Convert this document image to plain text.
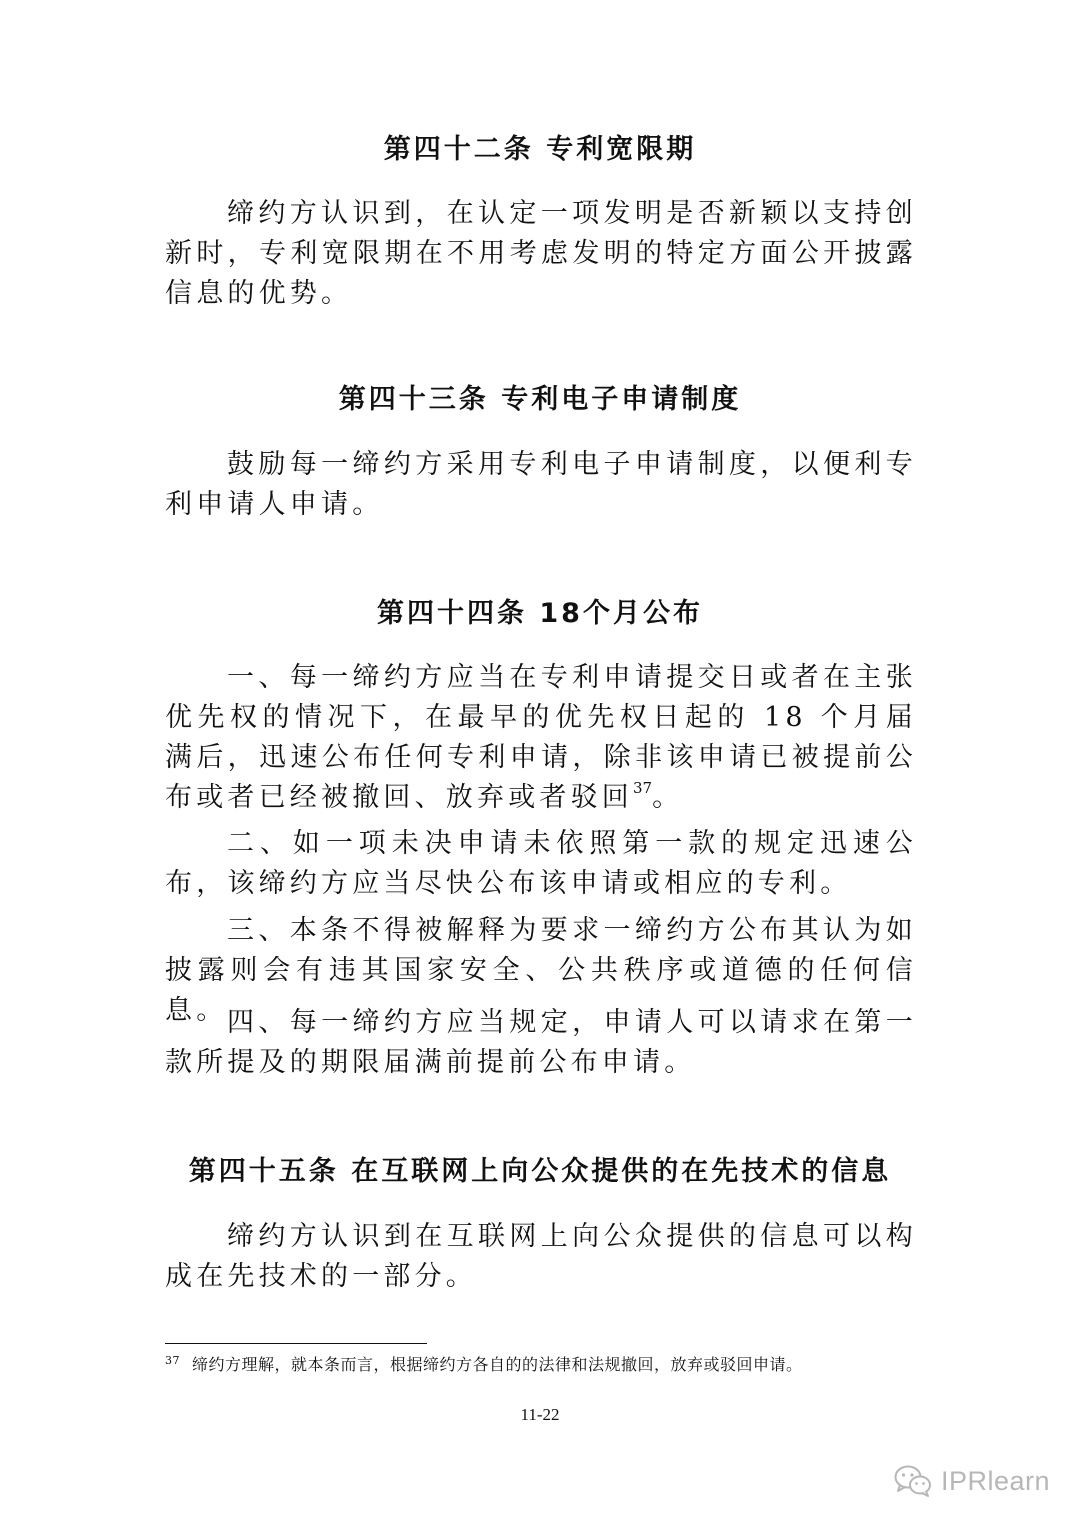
第四十二条 专利宽限期
缔约方认识到，在认定一项发明是否新颖以支持创新时，专利宽限期在不用考虑发明的特定方面公开披露信息的优势。
第四十三条 专利电子申请制度
鼓励每一缔约方采用专利电子申请制度，以便利专利申请人申请。
第四十四条 18个月公布
一、每一缔约方应当在专利申请提交日或者在主张优先权的情况下，在最早的优先权日起的 18 个月届满后，迅速公布任何专利申请，除非该申请已被提前公布或者已经被撤回、放弃或者驳回$^{37}$。
二、如一项未决申请未依照第一款的规定迅速公布，该缔约方应当尽快公布该申请或相应的专利。
三、本条不得被解释为要求一缔约方公布其认为如披露则会有违其国家安全、公共秩序或道德的任何信息。 四、每一缔约方应当规定，申请人可以请求在第一款所提及的期限届满前提前公布申请。
第四十五条 在互联网上向公众提供的在先技术的信息
缔约方认识到在互联网上向公众提供的信息可以构成在先技术的一部分。
$^{37}$ 缔约方理解，就本条而言，根据缔约方各自的的法律和法规撤回，放弃或驳回申请。
11-22
IPRlearn
